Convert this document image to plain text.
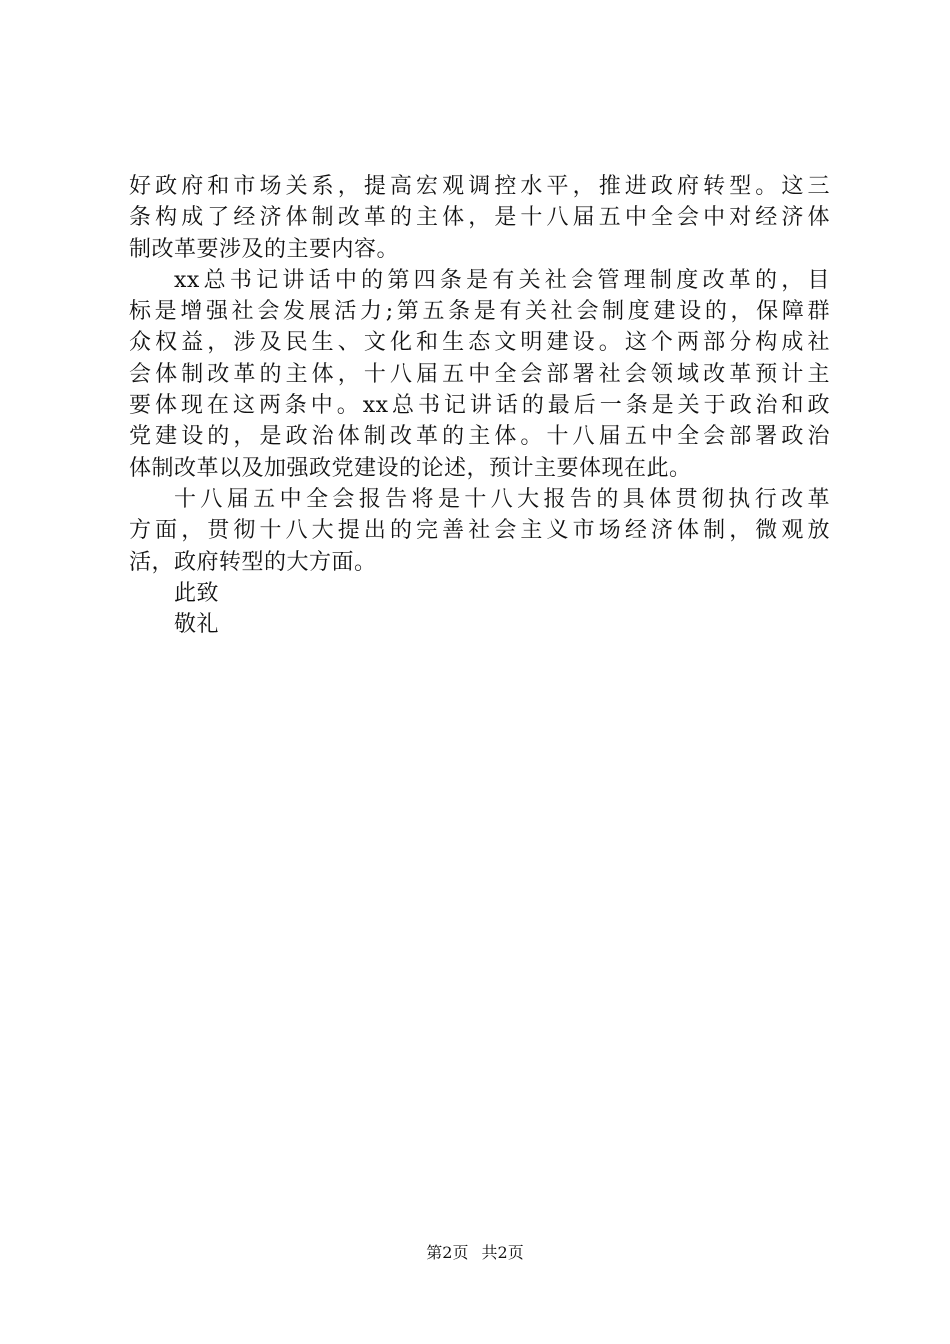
好政府和市场关系，提高宏观调控水平，推进政府转型。这三
条构成了经济体制改革的主体，是十八届五中全会中对经济体
制改革要涉及的主要内容。
xx总书记讲话中的第四条是有关社会管理制度改革的，目
标是增强社会发展活力;第五条是有关社会制度建设的，保障群
众权益，涉及民生、文化和生态文明建设。这个两部分构成社
会体制改革的主体，十八届五中全会部署社会领域改革预计主
要体现在这两条中。xx总书记讲话的最后一条是关于政治和政
党建设的，是政治体制改革的主体。十八届五中全会部署政治
体制改革以及加强政党建设的论述，预计主要体现在此。
十八届五中全会报告将是十八大报告的具体贯彻执行改革
方面，贯彻十八大提出的完善社会主义市场经济体制，微观放
活，政府转型的大方面。
此致
敬礼
第2页 共2页
